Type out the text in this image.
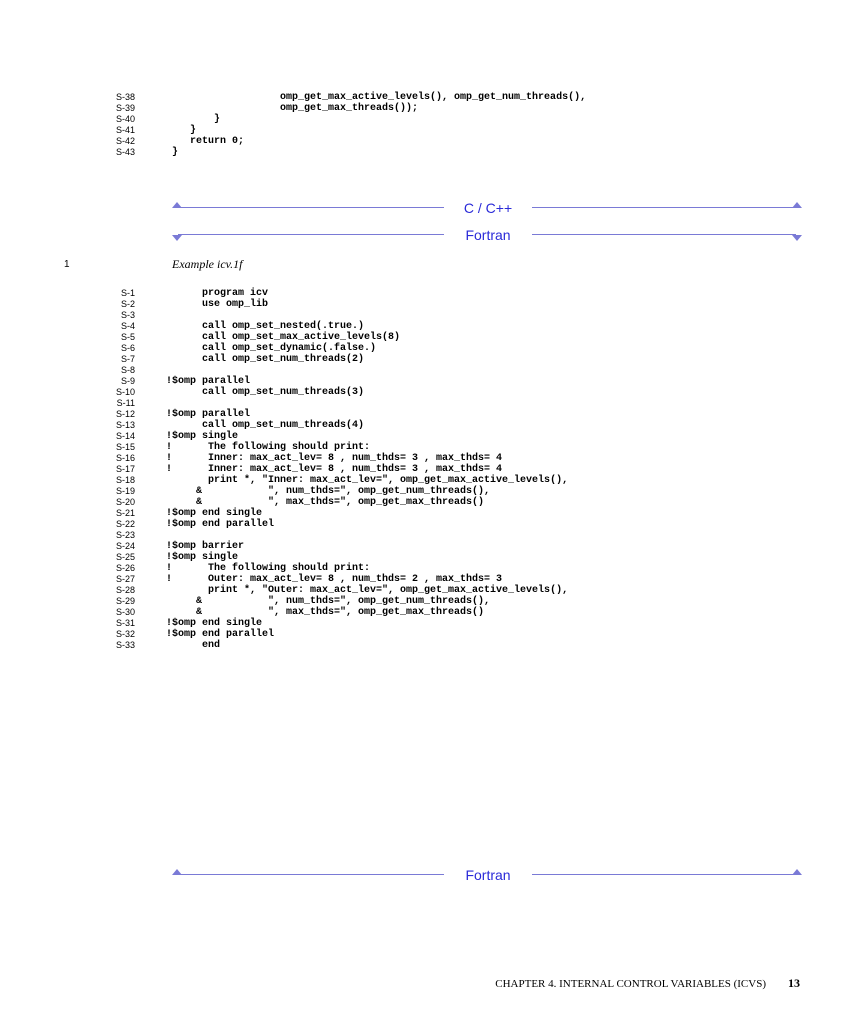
S-38	omp_get_max_active_levels(), omp_get_num_threads(),
S-39	omp_get_max_threads());
S-40	}
S-41	}
S-42	return 0;
S-43	}
C / C++
Fortran
1	Example icv.1f
S-1	program icv
S-2	use omp_lib
S-3
S-4	call omp_set_nested(.true.)
S-5	call omp_set_max_active_levels(8)
S-6	call omp_set_dynamic(.false.)
S-7	call omp_set_num_threads(2)
S-8
S-9	!$omp parallel
S-10	call omp_set_num_threads(3)
S-11
S-12	!$omp parallel
S-13	call omp_set_num_threads(4)
S-14	!$omp single
S-15	!      The following should print:
S-16	!      Inner: max_act_lev= 8 , num_thds= 3 , max_thds= 4
S-17	!      Inner: max_act_lev= 8 , num_thds= 3 , max_thds= 4
S-18	print *, "Inner: max_act_lev=", omp_get_max_active_levels(),
S-19	&           ", num_thds=", omp_get_num_threads(),
S-20	&           ", max_thds=", omp_get_max_threads()
S-21	!$omp end single
S-22	!$omp end parallel
S-23
S-24	!$omp barrier
S-25	!$omp single
S-26	!      The following should print:
S-27	!      Outer: max_act_lev= 8 , num_thds= 2 , max_thds= 3
S-28	print *, "Outer: max_act_lev=", omp_get_max_active_levels(),
S-29	&           ", num_thds=", omp_get_num_threads(),
S-30	&           ", max_thds=", omp_get_max_threads()
S-31	!$omp end single
S-32	!$omp end parallel
S-33	end
Fortran
CHAPTER 4. INTERNAL CONTROL VARIABLES (ICVS) 13
